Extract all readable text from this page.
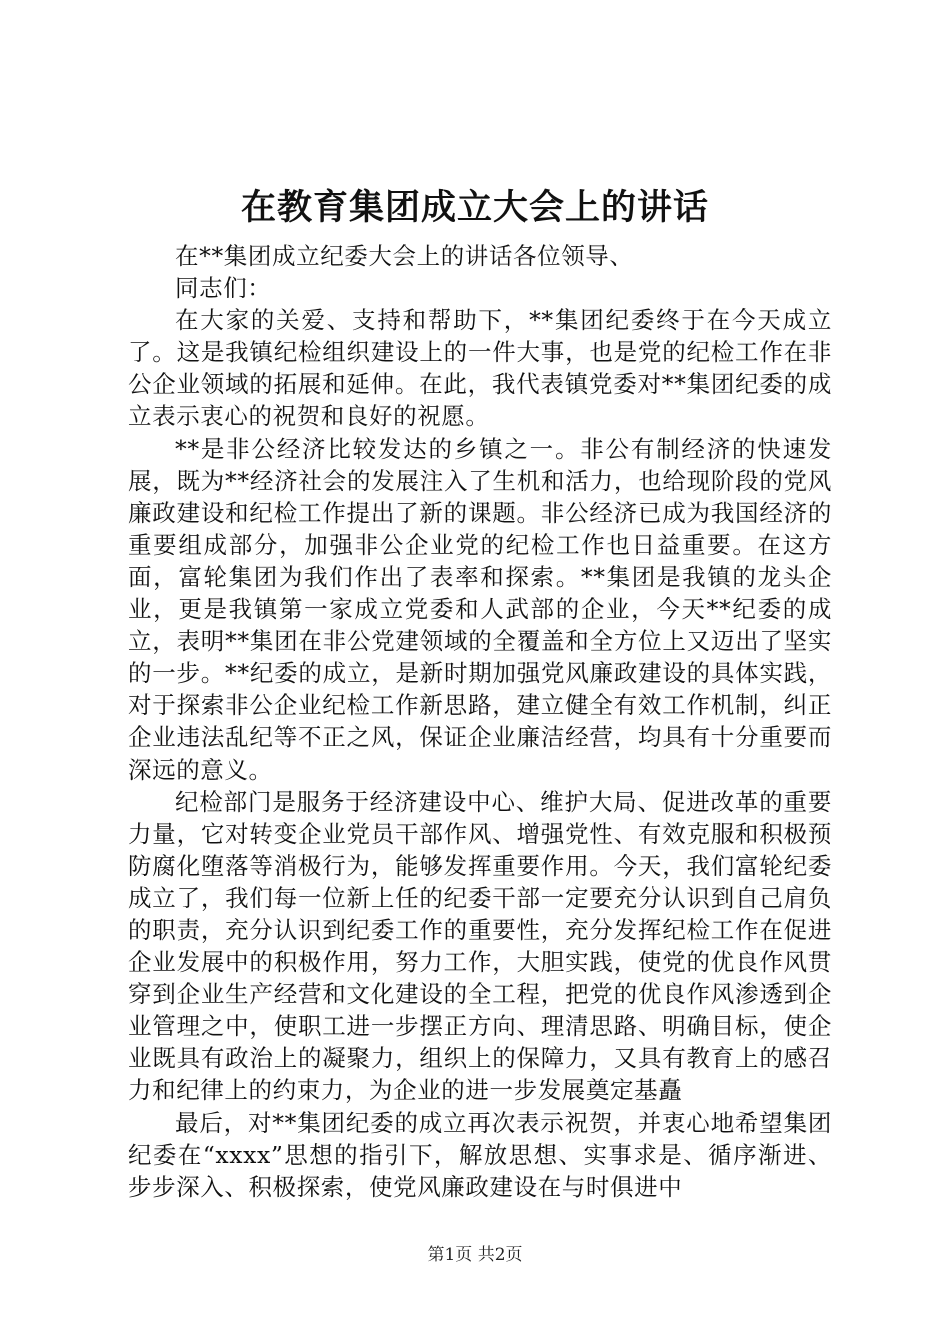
在教育集团成立大会上的讲话

在**集团成立纪委大会上的讲话各位领导、

同志们：

在大家的关爱、支持和帮助下，**集团纪委终于在今天成立了。这是我镇纪检组织建设上的一件大事，也是党的纪检工作在非公企业领域的拓展和延伸。在此，我代表镇党委对**集团纪委的成立表示衷心的祝贺和良好的祝愿。

**是非公经济比较发达的乡镇之一。非公有制经济的快速发展，既为**经济社会的发展注入了生机和活力，也给现阶段的党风廉政建设和纪检工作提出了新的课题。非公经济已成为我国经济的重要组成部分，加强非公企业党的纪检工作也日益重要。在这方面，富轮集团为我们作出了表率和探索。**集团是我镇的龙头企业，更是我镇第一家成立党委和人武部的企业，今天**纪委的成立，表明**集团在非公党建领域的全覆盖和全方位上又迈出了坚实的一步。**纪委的成立，是新时期加强党风廉政建设的具体实践，对于探索非公企业纪检工作新思路，建立健全有效工作机制，纠正企业违法乱纪等不正之风，保证企业廉洁经营，均具有十分重要而深远的意义。

纪检部门是服务于经济建设中心、维护大局、促进改革的重要力量，它对转变企业党员干部作风、增强党性、有效克服和积极预防腐化堕落等消极行为，能够发挥重要作用。今天，我们富轮纪委成立了，我们每一位新上任的纪委干部一定要充分认识到自己肩负的职责，充分认识到纪委工作的重要性，充分发挥纪检工作在促进企业发展中的积极作用，努力工作，大胆实践，使党的优良作风贯穿到企业生产经营和文化建设的全工程，把党的优良作风渗透到企业管理之中，使职工进一步摆正方向、理清思路、明确目标，使企业既具有政治上的凝聚力，组织上的保障力，又具有教育上的感召力和纪律上的约束力，为企业的进一步发展奠定基矗

最后，对**集团纪委的成立再次表示祝贺，并衷心地希望集团纪委在“xxxx”思想的指引下，解放思想、实事求是、循序渐进、步步深入、积极探索，使党风廉政建设在与时俱进中

第1页 共2页
